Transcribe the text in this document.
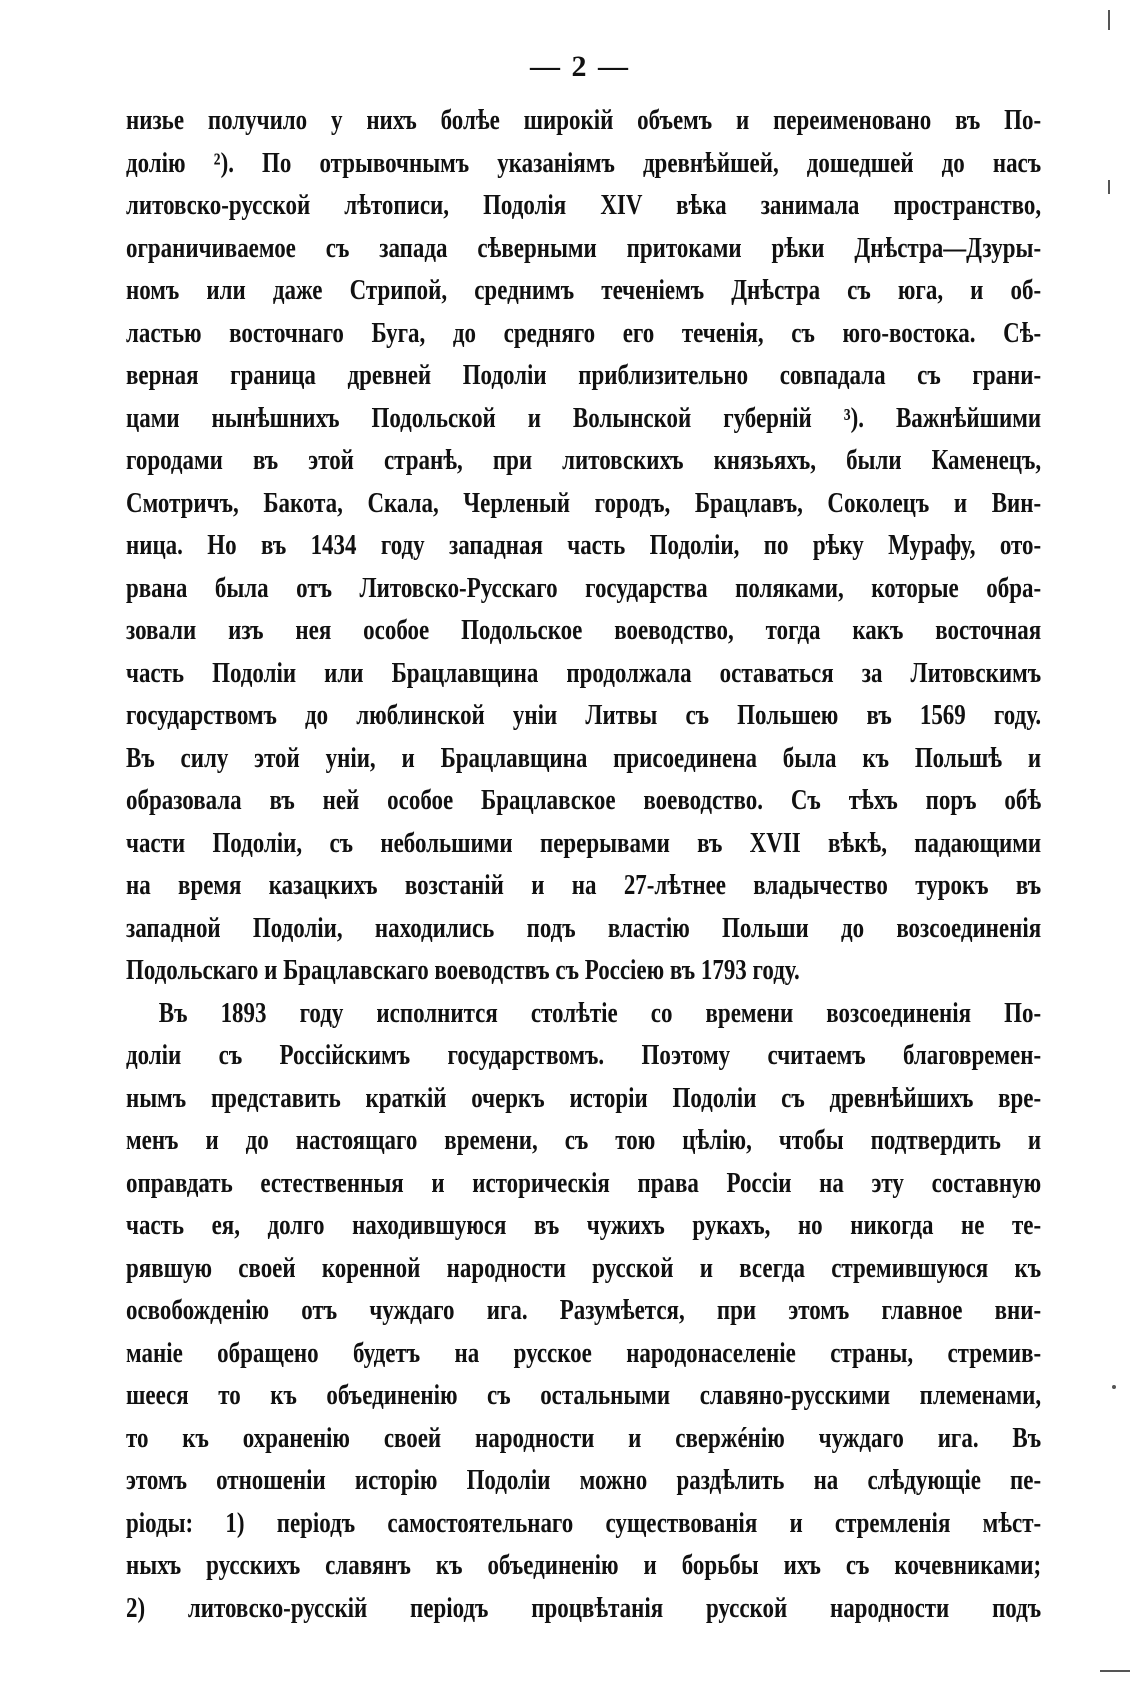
— 2 —
низье получило у нихъ болѣе широкій объемъ и переименовано въ По-
долію ²). По отрывочнымъ указаніямъ древнѣйшей, дошедшей до насъ
литовско-русской лѣтописи, Подолія XIV вѣка занимала пространство,
ограничиваемое съ запада сѣверными притоками рѣки Днѣстра—Дзуры-
номъ или даже Стрипой, среднимъ теченіемъ Днѣстра съ юга, и об-
ластью восточнаго Буга, до средняго его теченія, съ юго-востока. Сѣ-
верная граница древней Подоліи приблизительно совпадала съ грани-
цами нынѣшнихъ Подольской и Волынской губерній ³). Важнѣйшими
городами въ этой странѣ, при литовскихъ князьяхъ, были Каменецъ,
Смотричъ, Бакота, Скала, Черленый городъ, Брацлавъ, Соколецъ и Вин-
ница. Но въ 1434 году западная часть Подоліи, по рѣку Мурафу, ото-
рвана была отъ Литовско-Русскаго государства поляками, которые обра-
зовали изъ нея особое Подольское воеводство, тогда какъ восточная
часть Подоліи или Брацлавщина продолжала оставаться за Литовскимъ
государствомъ до люблинской уніи Литвы съ Польшею въ 1569 году.
Въ силу этой уніи, и Брацлавщина присоединена была къ Польшѣ и
образовала въ ней особое Брацлавское воеводство. Съ тѣхъ поръ обѣ
части Подоліи, съ небольшими перерывами въ XVII вѣкѣ, падающими
на время казацкихъ возстаній и на 27-лѣтнее владычество турокъ въ
западной Подоліи, находились подъ властію Польши до возсоединенія
Подольскаго и Брацлавскаго воеводствъ съ Россіею въ 1793 году.
Въ 1893 году исполнится столѣтіе со времени возсоединенія По-
доліи съ Россійскимъ государствомъ. Поэтому считаемъ благовремен-
нымъ представить краткій очеркъ исторіи Подоліи съ древнѣйшихъ вре-
менъ и до настоящаго времени, съ тою цѣлію, чтобы подтвердить и
оправдать естественныя и историческія права Россіи на эту составную
часть ея, долго находившуюся въ чужихъ рукахъ, но никогда не те-
рявшую своей коренной народности русской и всегда стремившуюся къ
освобожденію отъ чуждаго ига. Разумѣется, при этомъ главное вни-
маніе обращено будетъ на русское народонаселеніе страны, стремив-
шееся то къ объединенію съ остальными славяно-русскими племенами,
то къ охраненію своей народности и свержéнію чуждаго ига. Въ
этомъ отношеніи исторію Подоліи можно раздѣлить на слѣдующіе пе-
ріоды: 1) періодъ самостоятельнаго существованія и стремленія мѣст-
ныхъ русскихъ славянъ къ объединенію и борьбы ихъ съ кочевниками;
2) литовско-русскій періодъ процвѣтанія русской народности подъ
